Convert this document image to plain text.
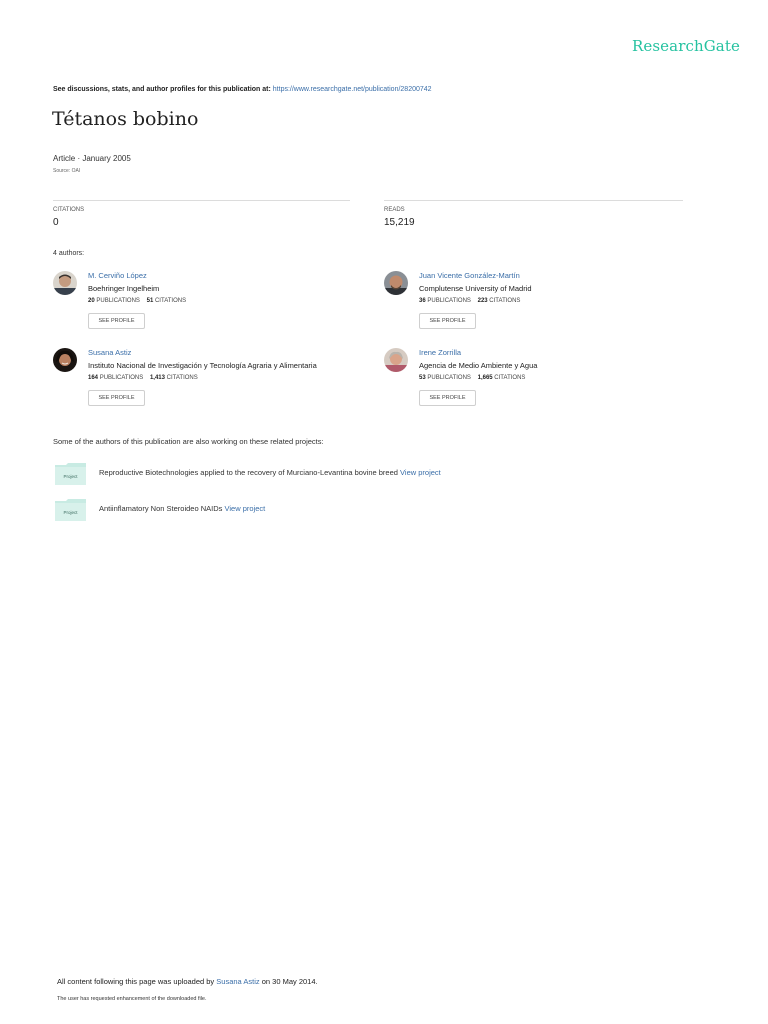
ResearchGate
See discussions, stats, and author profiles for this publication at: https://www.researchgate.net/publication/28200742
Tétanos bobino
Article · January 2005
Source: OAI
CITATIONS
0
READS
15,219
4 authors:
M. Cerviño López
Boehringer Ingelheim
20 PUBLICATIONS 51 CITATIONS
SEE PROFILE
Juan Vicente González-Martín
Complutense University of Madrid
36 PUBLICATIONS 223 CITATIONS
SEE PROFILE
Susana Astiz
Instituto Nacional de Investigación y Tecnología Agraria y Alimentaria
164 PUBLICATIONS 1,413 CITATIONS
SEE PROFILE
Irene Zorrilla
Agencia de Medio Ambiente y Agua
53 PUBLICATIONS 1,665 CITATIONS
SEE PROFILE
Some of the authors of this publication are also working on these related projects:
Project	Reproductive Biotechnologies applied to the recovery of Murciano-Levantina bovine breed View project
Project	Antiinflamatory Non Steroideo NAIDs View project
All content following this page was uploaded by Susana Astiz on 30 May 2014.
The user has requested enhancement of the downloaded file.
